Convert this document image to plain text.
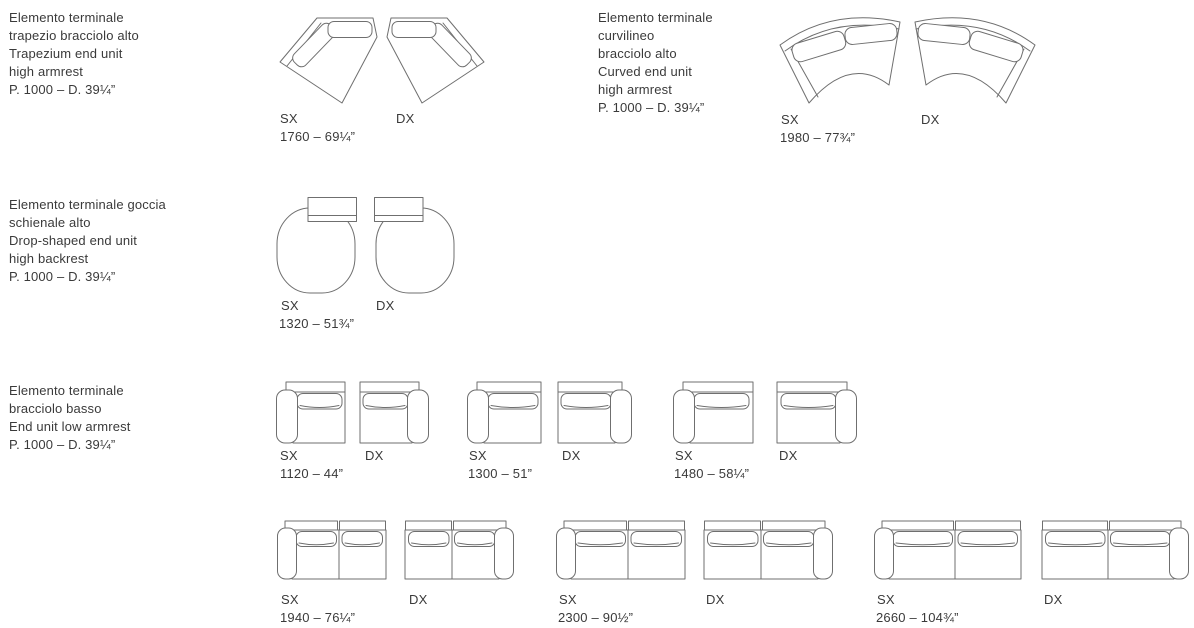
Elemento terminale
trapezio bracciolo alto
Trapezium end unit
high armrest
P. 1000 – D. 39¼”
SX	DX
1760 – 69¼”
Elemento terminale
curvilineo
bracciolo alto
Curved end unit
high armrest
P. 1000 – D. 39¼”
SX	DX
1980 – 77¾”
Elemento terminale goccia
schienale alto
Drop-shaped end unit
high backrest
P. 1000 – D. 39¼”
SX	DX
1320 – 51¾”
Elemento terminale
bracciolo basso
End unit low armrest
P. 1000 – D. 39¼”
SX	DX
1120 – 44”
SX	DX
1300 – 51”
SX	DX
1480 – 58¼”
SX	DX
1940 – 76¼”
SX	DX
2300 – 90½”
SX	DX
2660 – 104¾”
